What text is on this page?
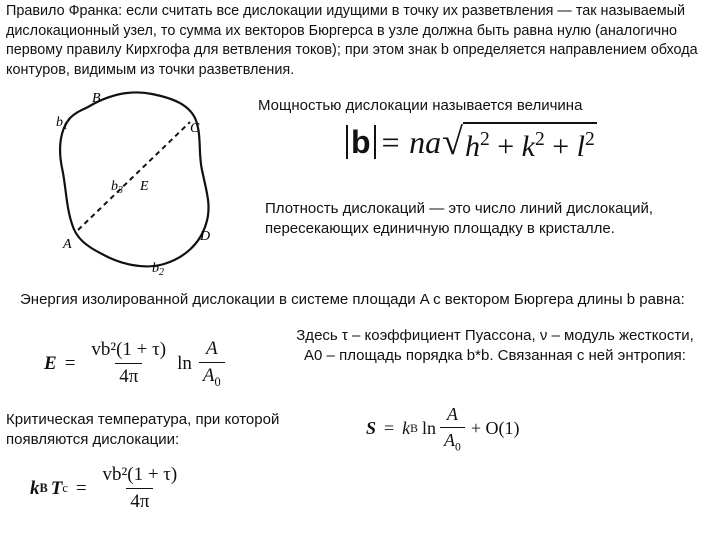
Правило Франка: если считать все дислокации идущими в точку их разветвления — так называемый дислокационный узел, то сумма их векторов Бюргерса в узле должна быть равна нулю (аналогично первому правилу Кирхгофа для ветвления токов); при этом знак b определяется направлением обхода контуров, видимым из точки разветвления.
B
C
D
E
A
$b_1$
$b_3$
$b_2$
Мощностью дислокации называется величина
b = na √ $h^2 + k^2 + l^2$
Плотность дислокаций — это число линий дислокаций, пересекающих единичную площадку в кристалле.
Энергия изолированной дислокации в системе площади A с вектором Бюргера длины b равна:
$E = \frac{\text{vb²(1 + τ)}}{4\pi}$ $\ln \frac{A}{A_0}$
Здесь τ – коэффициент Пуассона, ν – модуль жесткости, A0 – площадь порядка b*b. Связанная с ней энтропия:
Критическая температура, при которой появляются дислокации:
S = k B $\ln \frac{A}{A_0} + O(1)$
k B T $c = \frac{\text{vb²(1 + τ)}}{4\pi}$
